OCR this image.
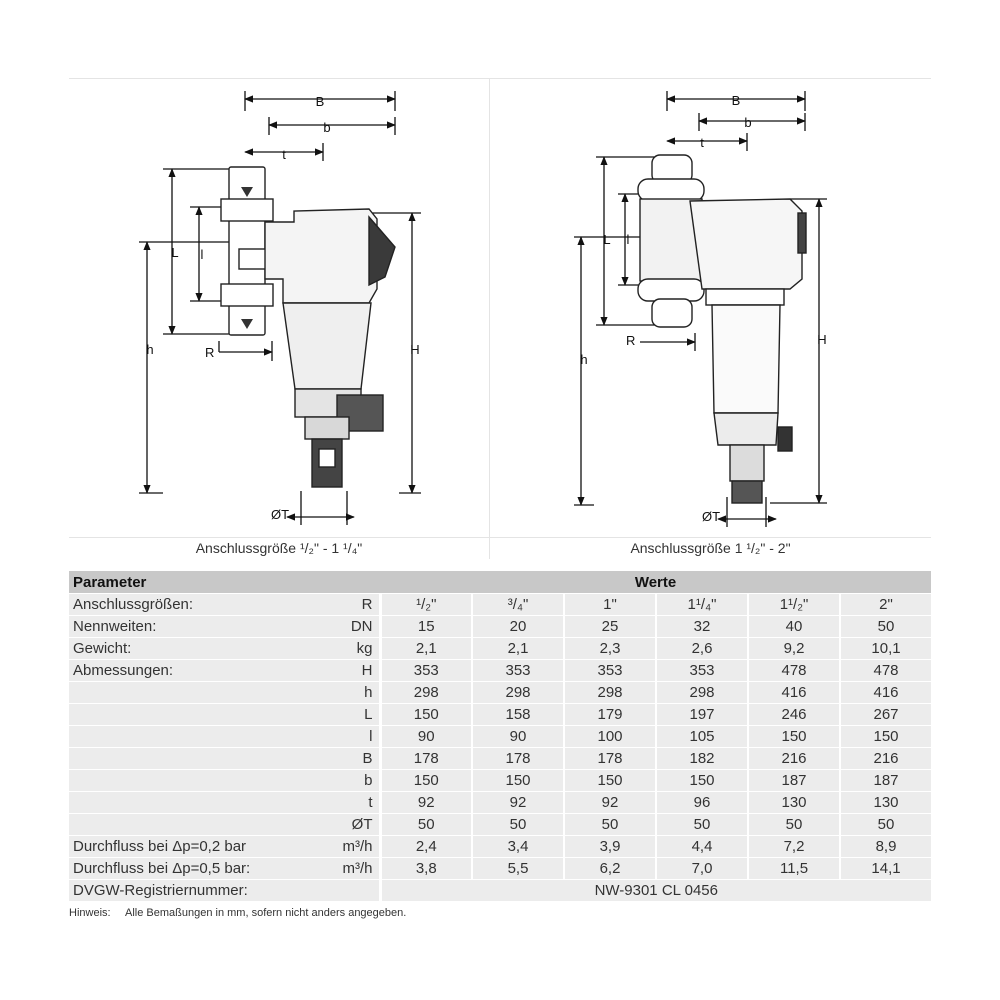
B
b
t
L l
h	H
R
ØT
Anschlussgröße ¹/₂" - 1 ¹/₄"
B
b
t
L l
h
H
R
ØT
Anschlussgröße 1 ¹/₂" - 2"
Parameter		Werte					
Anschlussgrößen:	R	¹/₂"	³/₄"	1"	1¹/₄"	1¹/₂"	2"
Nennweiten:	DN	15	20	25	32	40	50
Gewicht:	kg	2,1	2,1	2,3	2,6	9,2	10,1
Abmessungen:	H	353	353	353	353	478	478
	h	298	298	298	298	416	416
	L	150	158	179	197	246	267
	l	90	90	100	105	150	150
	B	178	178	178	182	216	216
	b	150	150	150	150	187	187
	t	92	92	92	96	130	130
	ØT	50	50	50	50	50	50
Durchfluss bei Δp=0,2 bar	m³/h	2,4	3,4	3,9	4,4	7,2	8,9
Durchfluss bei Δp=0,5 bar:	m³/h	3,8	5,5	6,2	7,0	11,5	14,1
DVGW-Registriernummer:		NW-9301 CL 0456					
Hinweis: Alle Bemaßungen in mm, sofern nicht anders angegeben.
